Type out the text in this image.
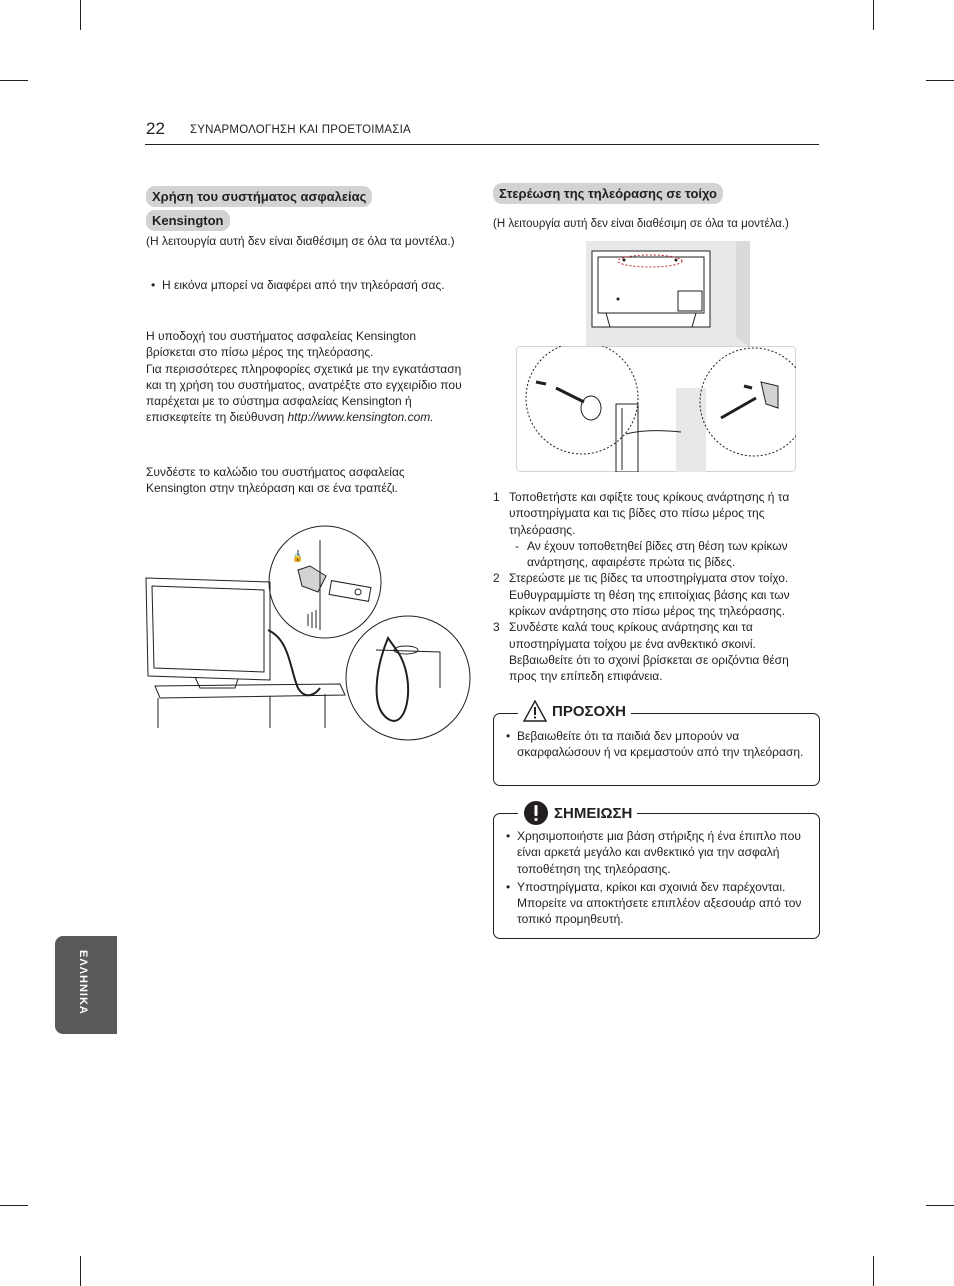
22 ΣΥΝΑΡΜΟΛΟΓΗΣΗ ΚΑΙ ΠΡΟΕΤΟΙΜΑΣΙΑ
Χρήση του συστήματος ασφαλείας
Kensington
(Η λειτουργία αυτή δεν είναι διαθέσιμη σε όλα τα μοντέλα.)

• Η εικόνα μπορεί να διαφέρει από την τηλεόρασή σας.

Η υποδοχή του συστήματος ασφαλείας Kensington βρίσκεται στο πίσω μέρος της τηλεόρασης.

Για περισσότερες πληροφορίες σχετικά με την εγκατάσταση και τη χρήση του συστήματος, ανατρέξτε στο εγχειρίδιο που παρέχεται με το σύστημα ασφαλείας Kensington ή επισκεφτείτε τη διεύθυνση http://www.kensington.com.

Συνδέστε το καλώδιο του συστήματος ασφαλείας Kensington στην τηλεόραση και σε ένα τραπέζι.
🔒
Στερέωση της τηλεόρασης σε τοίχο
(Η λειτουργία αυτή δεν είναι διαθέσιμη σε όλα τα μοντέλα.)
1 Τοποθετήστε και σφίξτε τους κρίκους ανάρτησης ή τα υποστηρίγματα και τις βίδες στο πίσω μέρος της τηλεόρασης.
- Αν έχουν τοποθετηθεί βίδες στη θέση των κρίκων ανάρτησης, αφαιρέστε πρώτα τις βίδες.
2 Στερεώστε με τις βίδες τα υποστηρίγματα στον τοίχο. Ευθυγραμμίστε τη θέση της επιτοίχιας βάσης και των κρίκων ανάρτησης στο πίσω μέρος της τηλεόρασης.
3 Συνδέστε καλά τους κρίκους ανάρτησης και τα υποστηρίγματα τοίχου με ένα ανθεκτικό σκοινί. Βεβαιωθείτε ότι το σχοινί βρίσκεται σε οριζόντια θέση προς την επίπεδη επιφάνεια.
ΠΡΟΣΟΧΗ

• Βεβαιωθείτε ότι τα παιδιά δεν μπορούν να σκαρφαλώσουν ή να κρεμαστούν από την τηλεόραση.

ΣΗΜΕΙΩΣΗ

• Χρησιμοποιήστε μια βάση στήριξης ή ένα έπιπλο που είναι αρκετά μεγάλο και ανθεκτικό για την ασφαλή τοποθέτηση της τηλεόρασης.

• Υποστηρίγματα, κρίκοι και σχοινιά δεν παρέχονται. Μπορείτε να αποκτήσετε επιπλέον αξεσουάρ από τον τοπικό προμηθευτή.

ΕΛΛΗΝΙΚΑ
